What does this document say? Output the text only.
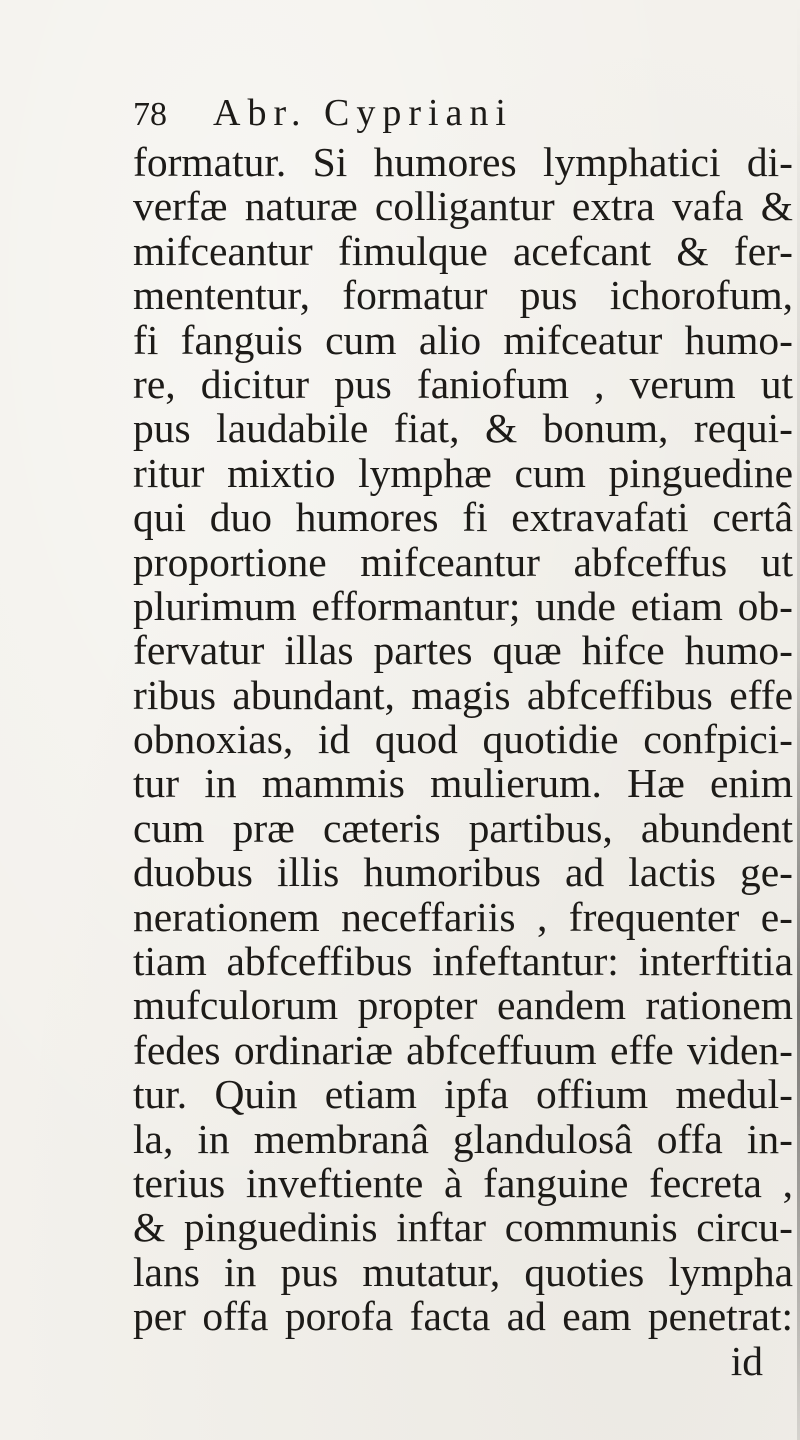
78 Abr. Cypriani
formatur. Si humores lymphatici di-
verfæ naturæ colligantur extra vafa &
mifceantur fimulque acefcant & fer-
mententur, formatur pus ichorofum,
fi fanguis cum alio mifceatur humo-
re, dicitur pus faniofum , verum ut
pus laudabile fiat, & bonum, requi-
ritur mixtio lymphæ cum pinguedine
qui duo humores fi extravafati certâ
proportione mifceantur abfceffus ut
plurimum efformantur; unde etiam ob-
fervatur illas partes quæ hifce humo-
ribus abundant, magis abfceffibus effe
obnoxias, id quod quotidie confpici-
tur in mammis mulierum. Hæ enim
cum præ cæteris partibus, abundent
duobus illis humoribus ad lactis ge-
nerationem neceffariis , frequenter e-
tiam abfceffibus infeftantur: interftitia
mufculorum propter eandem rationem
fedes ordinariæ abfceffuum effe viden-
tur. Quin etiam ipfa offium medul-
la, in membranâ glandulosâ offa in-
terius inveftiente à fanguine fecreta ,
& pinguedinis inftar communis circu-
lans in pus mutatur, quoties lympha
per offa porofa facta ad eam penetrat:
id
